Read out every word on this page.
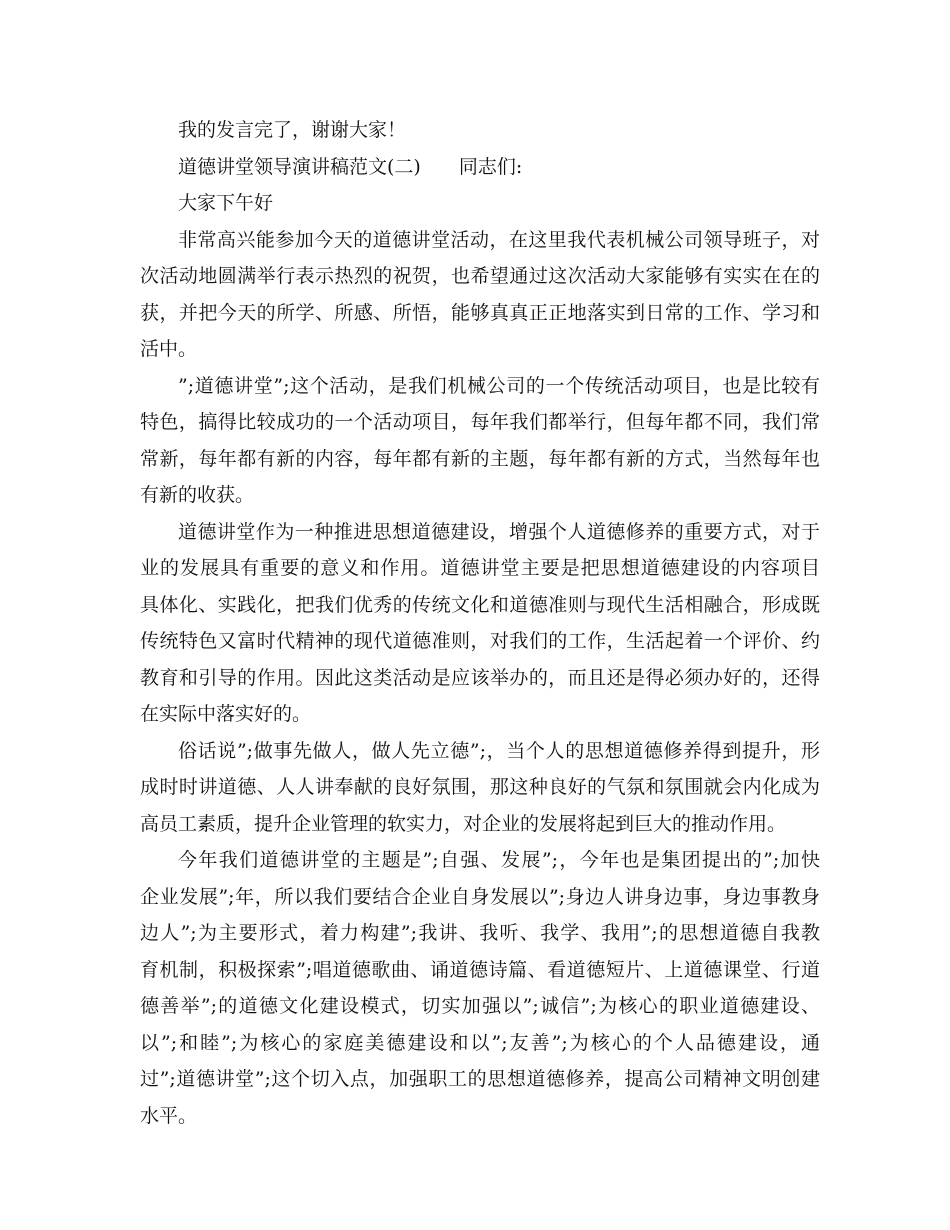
我的发言完了，谢谢大家！
道德讲堂领导演讲稿范文(二) 同志们:
大家下午好
非常高兴能参加今天的道德讲堂活动，在这里我代表机械公司领导班子，对
次活动地圆满举行表示热烈的祝贺，也希望通过这次活动大家能够有实实在在的
获，并把今天的所学、所感、所悟，能够真真正正地落实到日常的工作、学习和
活中。
”;道德讲堂”;这个活动，是我们机械公司的一个传统活动项目，也是比较有
特色，搞得比较成功的一个活动项目，每年我们都举行，但每年都不同，我们常
常新，每年都有新的内容，每年都有新的主题，每年都有新的方式，当然每年也
有新的收获。
道德讲堂作为一种推进思想道德建设，增强个人道德修养的重要方式，对于
业的发展具有重要的意义和作用。道德讲堂主要是把思想道德建设的内容项目
具体化、实践化，把我们优秀的传统文化和道德准则与现代生活相融合，形成既
传统特色又富时代精神的现代道德准则，对我们的工作，生活起着一个评价、约
教育和引导的作用。因此这类活动是应该举办的，而且还是得必须办好的，还得
在实际中落实好的。
俗话说”;做事先做人，做人先立德”;，当个人的思想道德修养得到提升，形
成时时讲道德、人人讲奉献的良好氛围，那这种良好的气氛和氛围就会内化成为
高员工素质，提升企业管理的软实力，对企业的发展将起到巨大的推动作用。
今年我们道德讲堂的主题是”;自强、发展”;，今年也是集团提出的”;加快
企业发展”;年，所以我们要结合企业自身发展以”;身边人讲身边事，身边事教身
边人”;为主要形式，着力构建”;我讲、我听、我学、我用”;的思想道德自我教
育机制，积极探索”;唱道德歌曲、诵道德诗篇、看道德短片、上道德课堂、行道
德善举”;的道德文化建设模式，切实加强以”;诚信”;为核心的职业道德建设、
以”;和睦”;为核心的家庭美德建设和以”;友善”;为核心的个人品德建设，通
过”;道德讲堂”;这个切入点，加强职工的思想道德修养，提高公司精神文明创建
水平。
